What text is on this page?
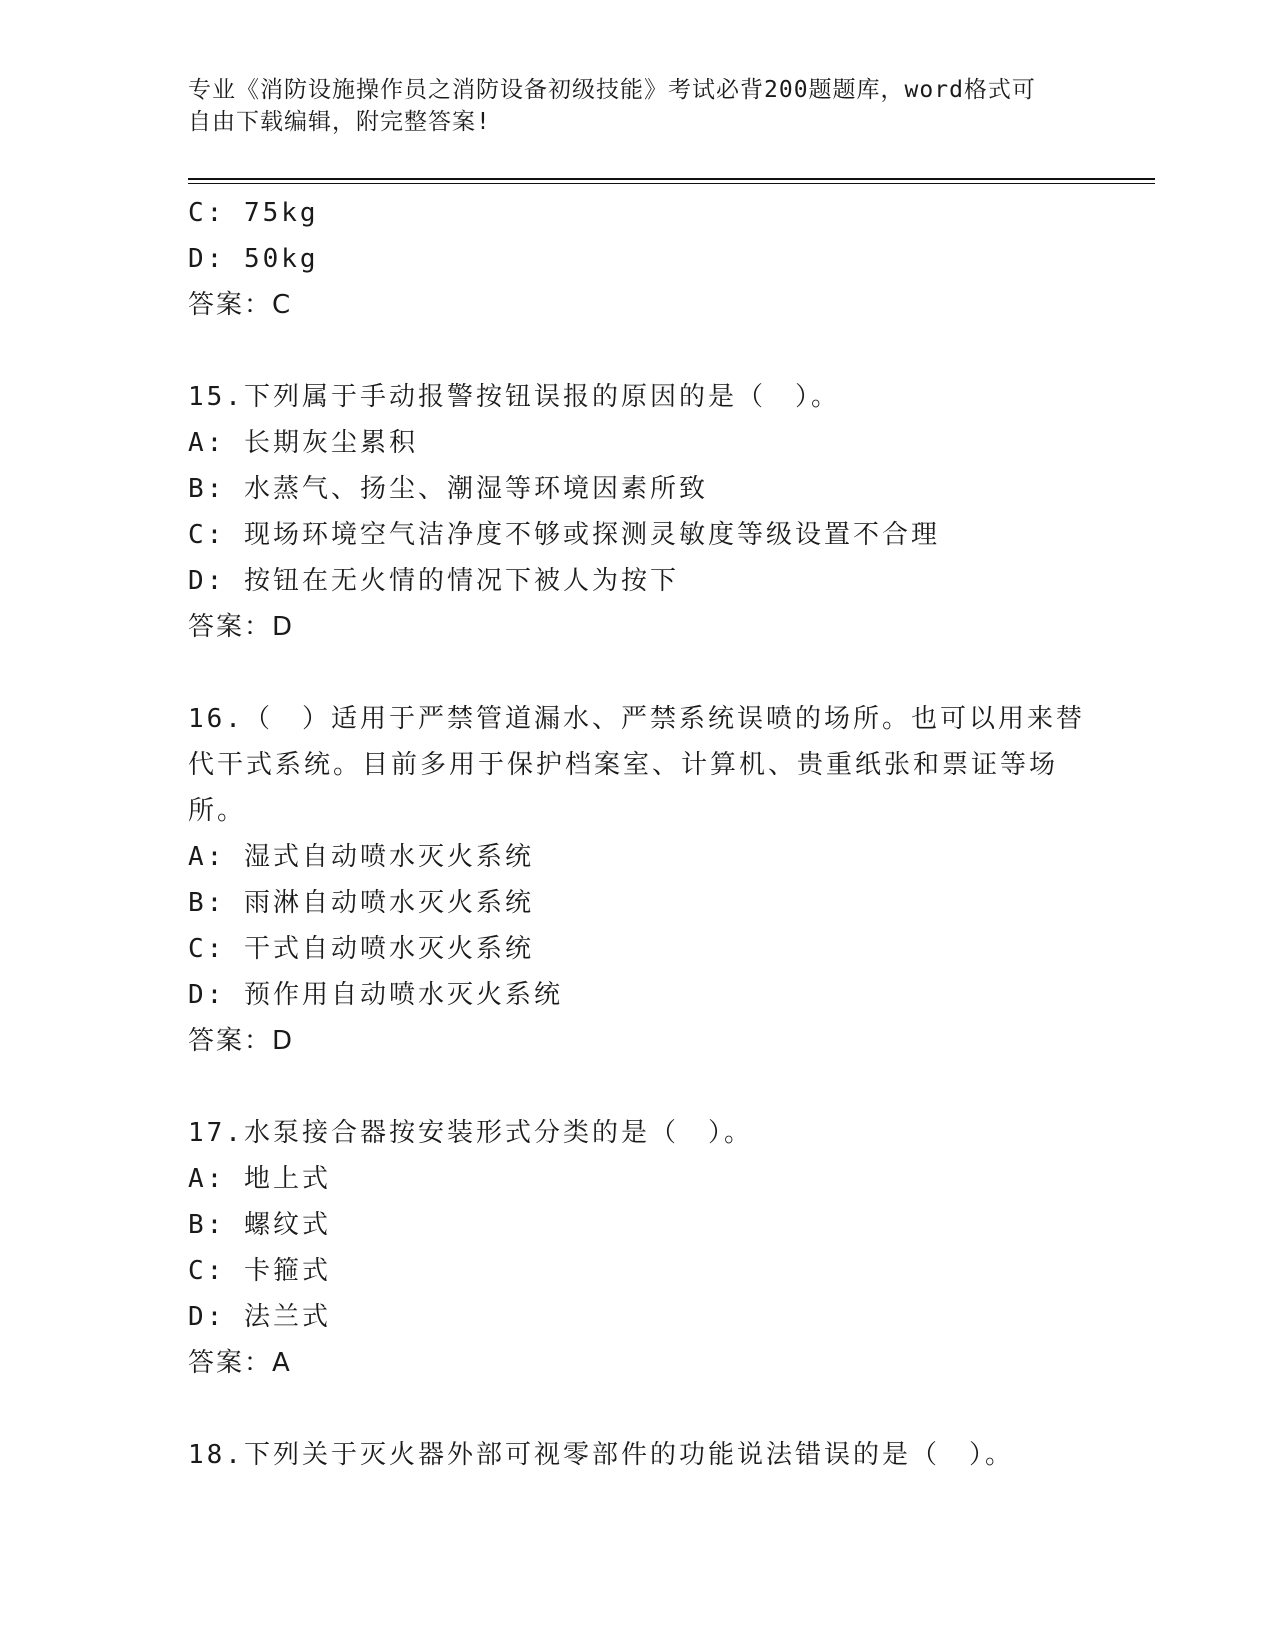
专业《消防设施操作员之消防设备初级技能》考试必背200题题库，word格式可
自由下载编辑，附完整答案!
C: 75kg
D: 50kg
答案：C
15.下列属于手动报警按钮误报的原因的是（　）。
A: 长期灰尘累积
B: 水蒸气、扬尘、潮湿等环境因素所致
C: 现场环境空气洁净度不够或探测灵敏度等级设置不合理
D: 按钮在无火情的情况下被人为按下
答案：D
16.（　）适用于严禁管道漏水、严禁系统误喷的场所。也可以用来替代干式系统。目前多用于保护档案室、计算机、贵重纸张和票证等场所。
A: 湿式自动喷水灭火系统
B: 雨淋自动喷水灭火系统
C: 干式自动喷水灭火系统
D: 预作用自动喷水灭火系统
答案：D
17.水泵接合器按安装形式分类的是（　）。
A: 地上式
B: 螺纹式
C: 卡箍式
D: 法兰式
答案：A
18.下列关于灭火器外部可视零部件的功能说法错误的是（　）。
